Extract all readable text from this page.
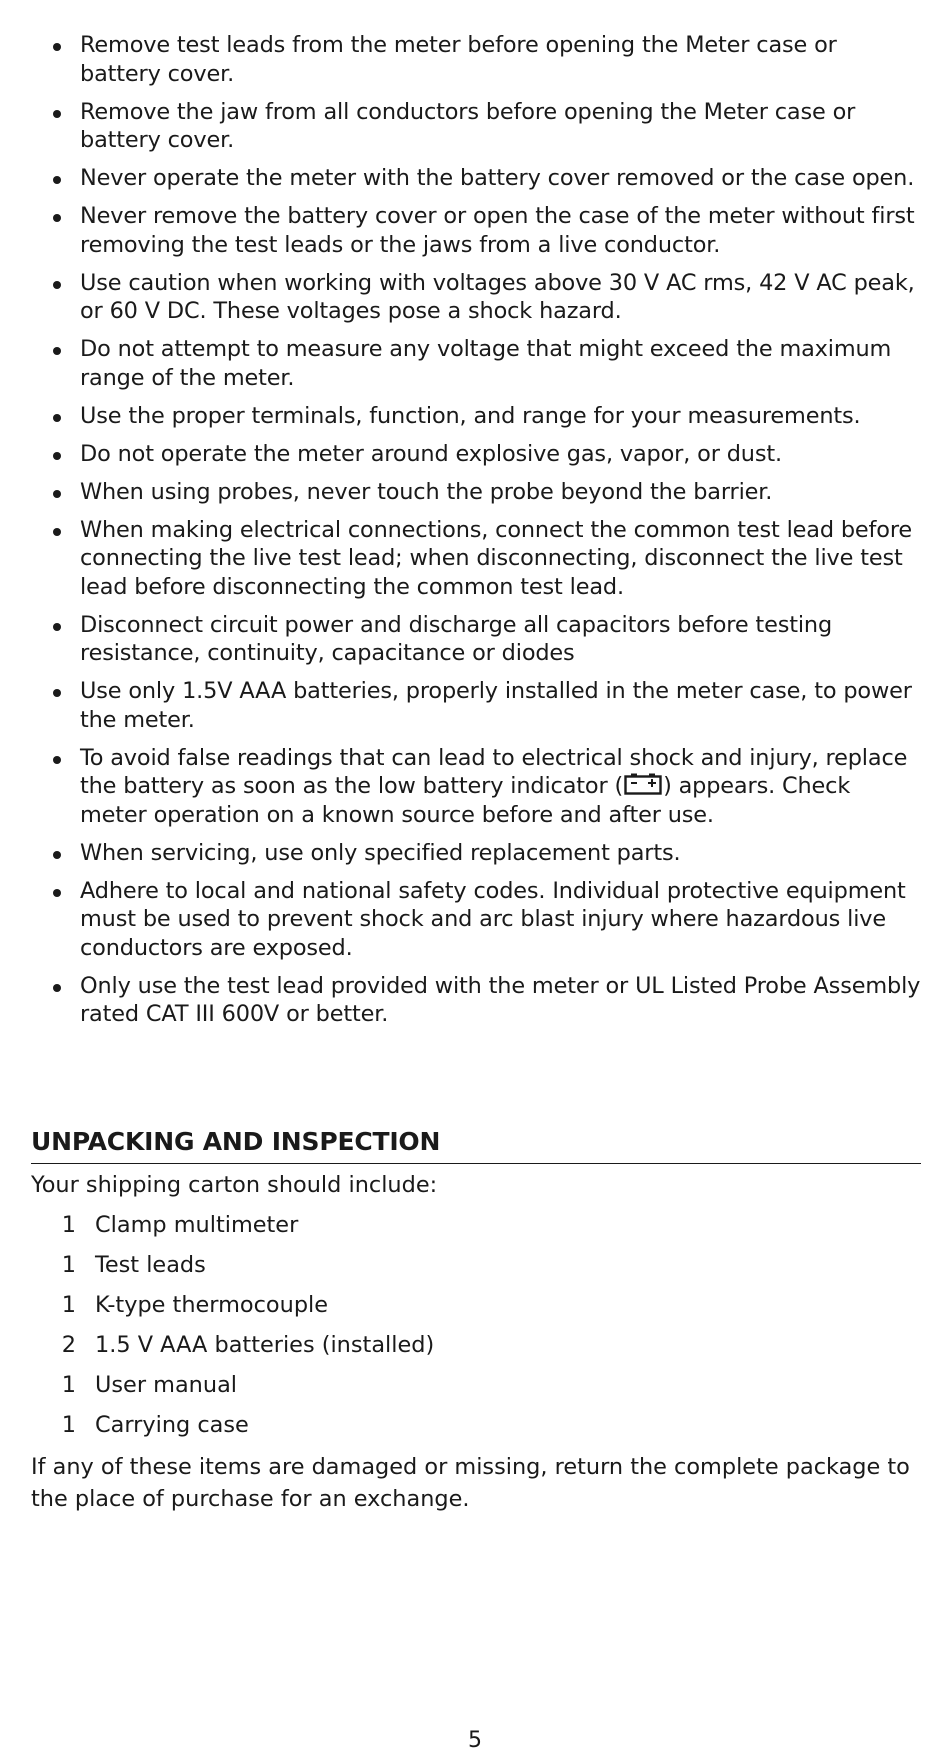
Remove test leads from the meter before opening the Meter case or battery cover.
Remove the jaw from all conductors before opening the Meter case or battery cover.
Never operate the meter with the battery cover removed or the case open.
Never remove the battery cover or open the case of the meter without first removing the test leads or the jaws from a live conductor.
Use caution when working with voltages above 30 V AC rms, 42 V AC peak, or 60 V DC. These voltages pose a shock hazard.
Do not attempt to measure any voltage that might exceed the maximum range of the meter.
Use the proper terminals, function, and range for your measurements.
Do not operate the meter around explosive gas, vapor, or dust.
When using probes, never touch the probe beyond the barrier.
When making electrical connections, connect the common test lead before connecting the live test lead; when disconnecting, disconnect the live test lead before disconnecting the common test lead.
Disconnect circuit power and discharge all capacitors before testing resistance, continuity, capacitance or diodes
Use only 1.5V AAA batteries, properly installed in the meter case, to power the meter.
To avoid false readings that can lead to electrical shock and injury, replace the battery as soon as the low battery indicator ( ) appears. Check meter operation on a known source before and after use.
When servicing, use only specified replacement parts.
Adhere to local and national safety codes. Individual protective equipment must be used to prevent shock and arc blast injury where hazardous live conductors are exposed.
Only use the test lead provided with the meter or UL Listed Probe Assembly rated CAT III 600V or better.
UNPACKING AND INSPECTION

Your shipping carton should include:

1 Clamp multimeter
1 Test leads
1 K-type thermocouple
2 1.5 V AAA batteries (installed)
1 User manual
1 Carrying case

If any of these items are damaged or missing, return the complete package to the place of purchase for an exchange.

5
